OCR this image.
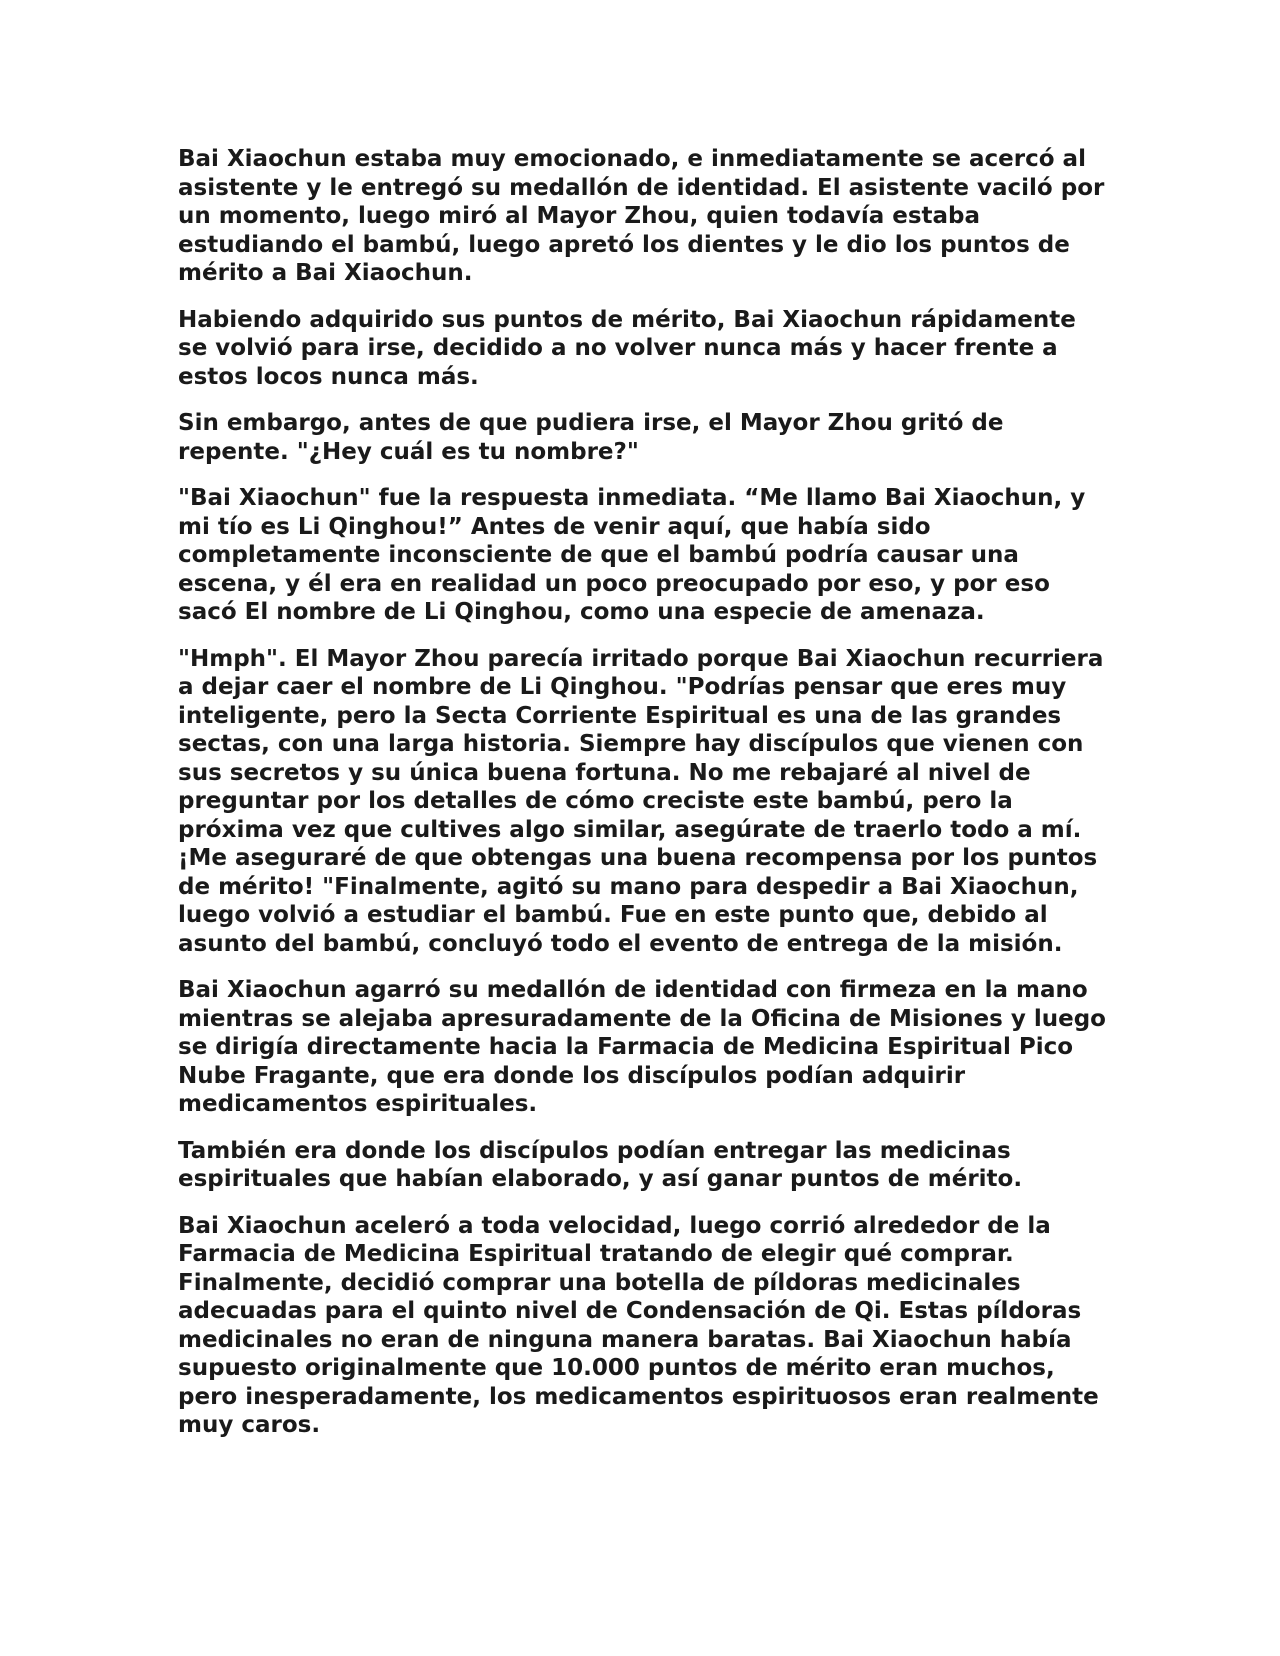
Bai Xiaochun estaba muy emocionado, e inmediatamente se acercó al asistente y le entregó su medallón de identidad. El asistente vaciló por un momento, luego miró al Mayor Zhou, quien todavía estaba estudiando el bambú, luego apretó los dientes y le dio los puntos de mérito a Bai Xiaochun.

Habiendo adquirido sus puntos de mérito, Bai Xiaochun rápidamente se volvió para irse, decidido a no volver nunca más y hacer frente a estos locos nunca más.

Sin embargo, antes de que pudiera irse, el Mayor Zhou gritó de repente. "¿Hey cuál es tu nombre?"

"Bai Xiaochun" fue la respuesta inmediata. “Me llamo Bai Xiaochun, y mi tío es Li Qinghou!” Antes de venir aquí, que había sido completamente inconsciente de que el bambú podría causar una escena, y él era en realidad un poco preocupado por eso, y por eso sacó El nombre de Li Qinghou, como una especie de amenaza.

"Hmph". El Mayor Zhou parecía irritado porque Bai Xiaochun recurriera a dejar caer el nombre de Li Qinghou. "Podrías pensar que eres muy inteligente, pero la Secta Corriente Espiritual es una de las grandes sectas, con una larga historia. Siempre hay discípulos que vienen con sus secretos y su única buena fortuna. No me rebajaré al nivel de preguntar por los detalles de cómo creciste este bambú, pero la próxima vez que cultives algo similar, asegúrate de traerlo todo a mí. ¡Me aseguraré de que obtengas una buena recompensa por los puntos de mérito! "Finalmente, agitó su mano para despedir a Bai Xiaochun, luego volvió a estudiar el bambú. Fue en este punto que, debido al asunto del bambú, concluyó todo el evento de entrega de la misión.

Bai Xiaochun agarró su medallón de identidad con firmeza en la mano mientras se alejaba apresuradamente de la Oficina de Misiones y luego se dirigía directamente hacia la Farmacia de Medicina Espiritual Pico Nube Fragante, que era donde los discípulos podían adquirir medicamentos espirituales.

También era donde los discípulos podían entregar las medicinas espirituales que habían elaborado, y así ganar puntos de mérito.

Bai Xiaochun aceleró a toda velocidad, luego corrió alrededor de la Farmacia de Medicina Espiritual tratando de elegir qué comprar. Finalmente, decidió comprar una botella de píldoras medicinales adecuadas para el quinto nivel de Condensación de Qi. Estas píldoras medicinales no eran de ninguna manera baratas. Bai Xiaochun había supuesto originalmente que 10.000 puntos de mérito eran muchos, pero inesperadamente, los medicamentos espirituosos eran realmente muy caros.
